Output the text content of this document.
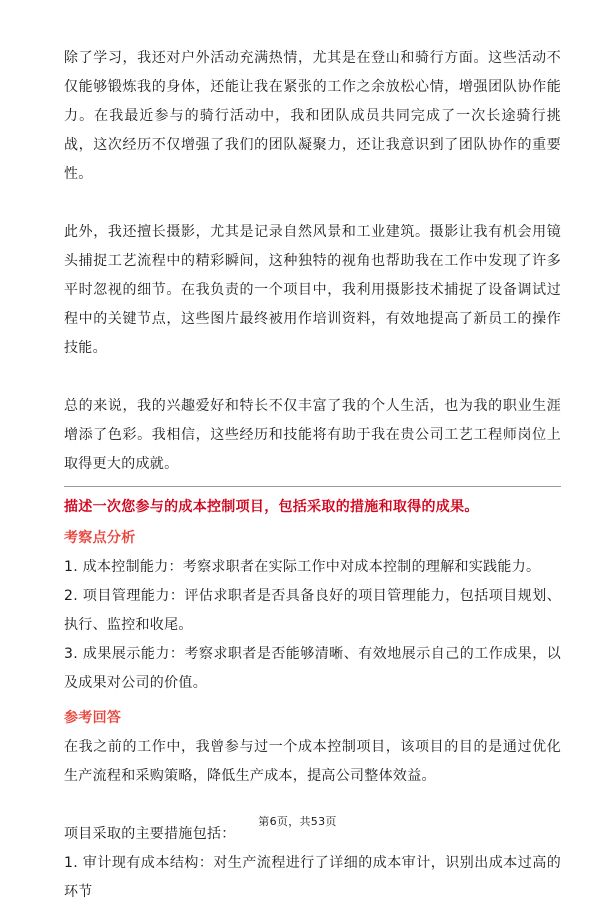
除了学习，我还对户外活动充满热情，尤其是在登山和骑行方面。这些活动不仅能够锻炼我的身体，还能让我在紧张的工作之余放松心情，增强团队协作能力。在我最近参与的骑行活动中，我和团队成员共同完成了一次长途骑行挑战，这次经历不仅增强了我们的团队凝聚力，还让我意识到了团队协作的重要性。

此外，我还擅长摄影，尤其是记录自然风景和工业建筑。摄影让我有机会用镜头捕捉工艺流程中的精彩瞬间，这种独特的视角也帮助我在工作中发现了许多平时忽视的细节。在我负责的一个项目中，我利用摄影技术捕捉了设备调试过程中的关键节点，这些图片最终被用作培训资料，有效地提高了新员工的操作技能。

总的来说，我的兴趣爱好和特长不仅丰富了我的个人生活，也为我的职业生涯增添了色彩。我相信，这些经历和技能将有助于我在贵公司工艺工程师岗位上取得更大的成就。

描述一次您参与的成本控制项目，包括采取的措施和取得的成果。

考察点分析

1. 成本控制能力：考察求职者在实际工作中对成本控制的理解和实践能力。

2. 项目管理能力：评估求职者是否具备良好的项目管理能力，包括项目规划、执行、监控和收尾。

3. 成果展示能力：考察求职者是否能够清晰、有效地展示自己的工作成果，以及成果对公司的价值。

参考回答

在我之前的工作中，我曾参与过一个成本控制项目，该项目的目的是通过优化生产流程和采购策略，降低生产成本，提高公司整体效益。

项目采取的主要措施包括：

1. 审计现有成本结构：对生产流程进行了详细的成本审计，识别出成本过高的环节

第6页，共53页
